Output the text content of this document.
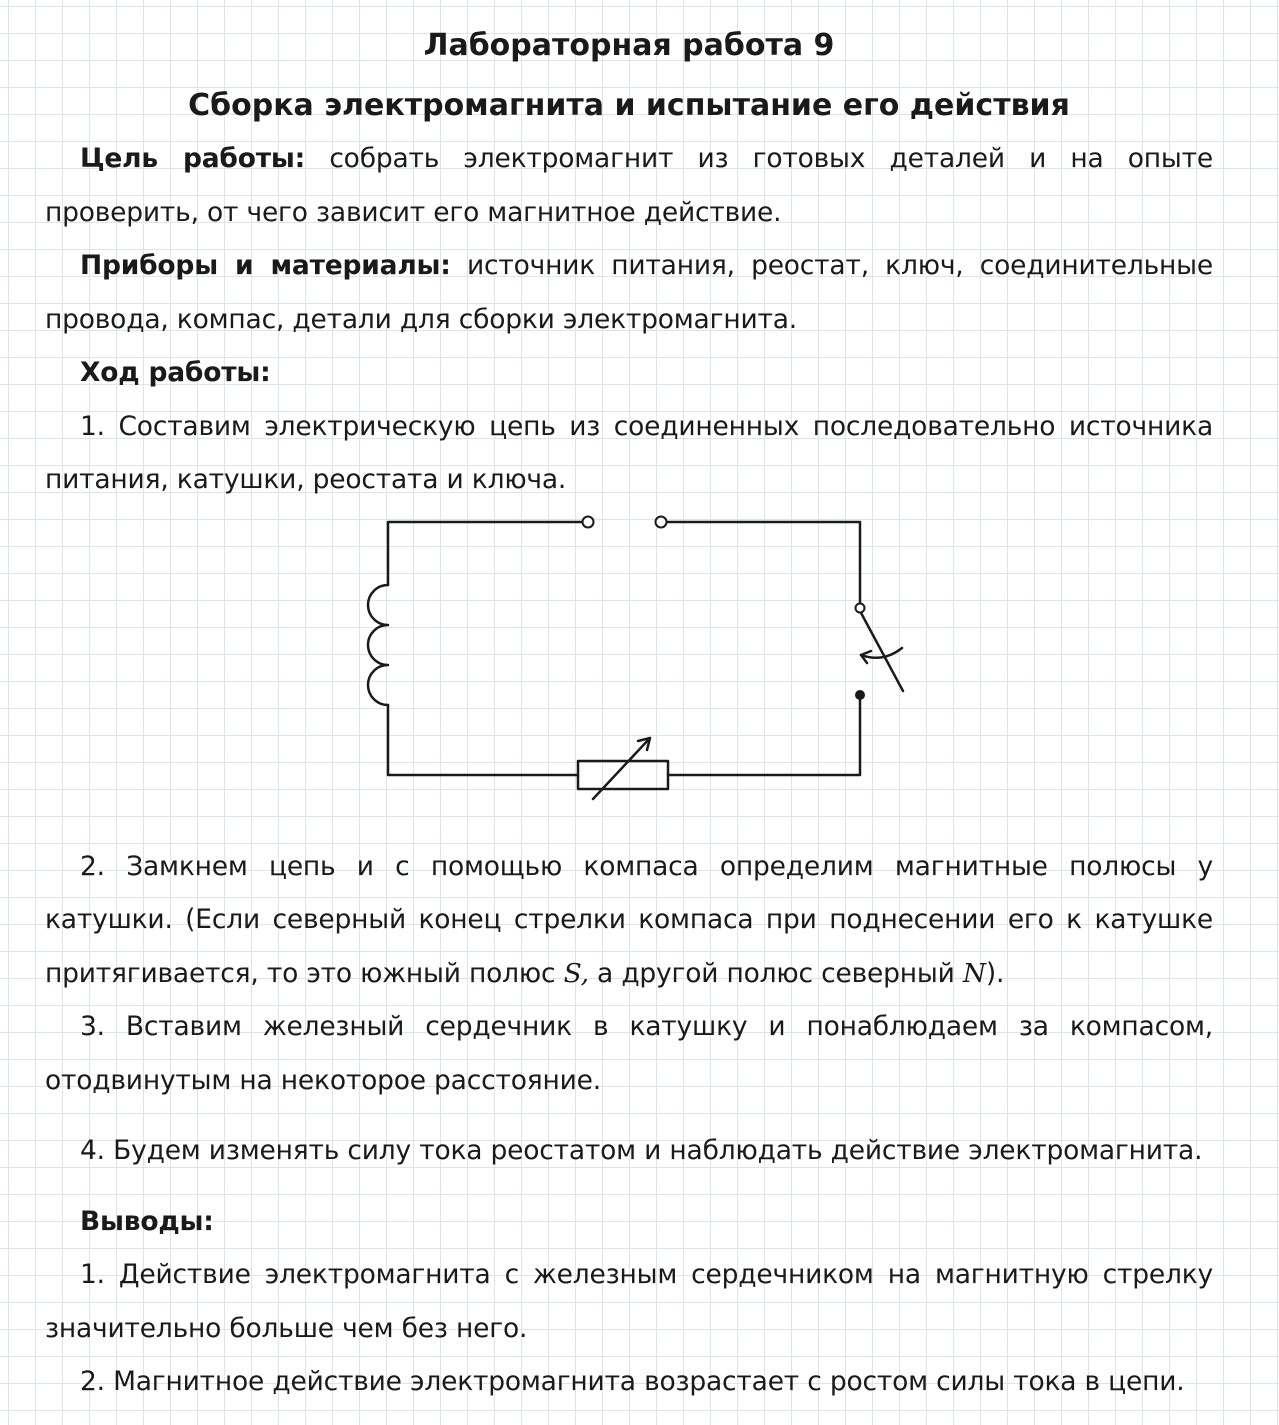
Лабораторная работа 9
Сборка электромагнита и испытание его действия

Цель работы: собрать электромагнит из готовых деталей и на опыте проверить, от чего зависит его магнитное действие.

Приборы и материалы: источник питания, реостат, ключ, соединительные провода, компас, детали для сборки электромагнита.

Ход работы:

1. Составим электрическую цепь из соединенных последовательно источника питания, катушки, реостата и ключа.

2. Замкнем цепь и с помощью компаса определим магнитные полюсы у катушки. (Если северный конец стрелки компаса при поднесении его к катушке притягивается, то это южный полюс S, а другой полюс северный N).

3. Вставим железный сердечник в катушку и понаблюдаем за компасом, отодвинутым на некоторое расстояние.

4. Будем изменять силу тока реостатом и наблюдать действие электромагнита.

Выводы:

1. Действие электромагнита с железным сердечником на магнитную стрелку значительно больше чем без него.

2. Магнитное действие электромагнита возрастает с ростом силы тока в цепи.
